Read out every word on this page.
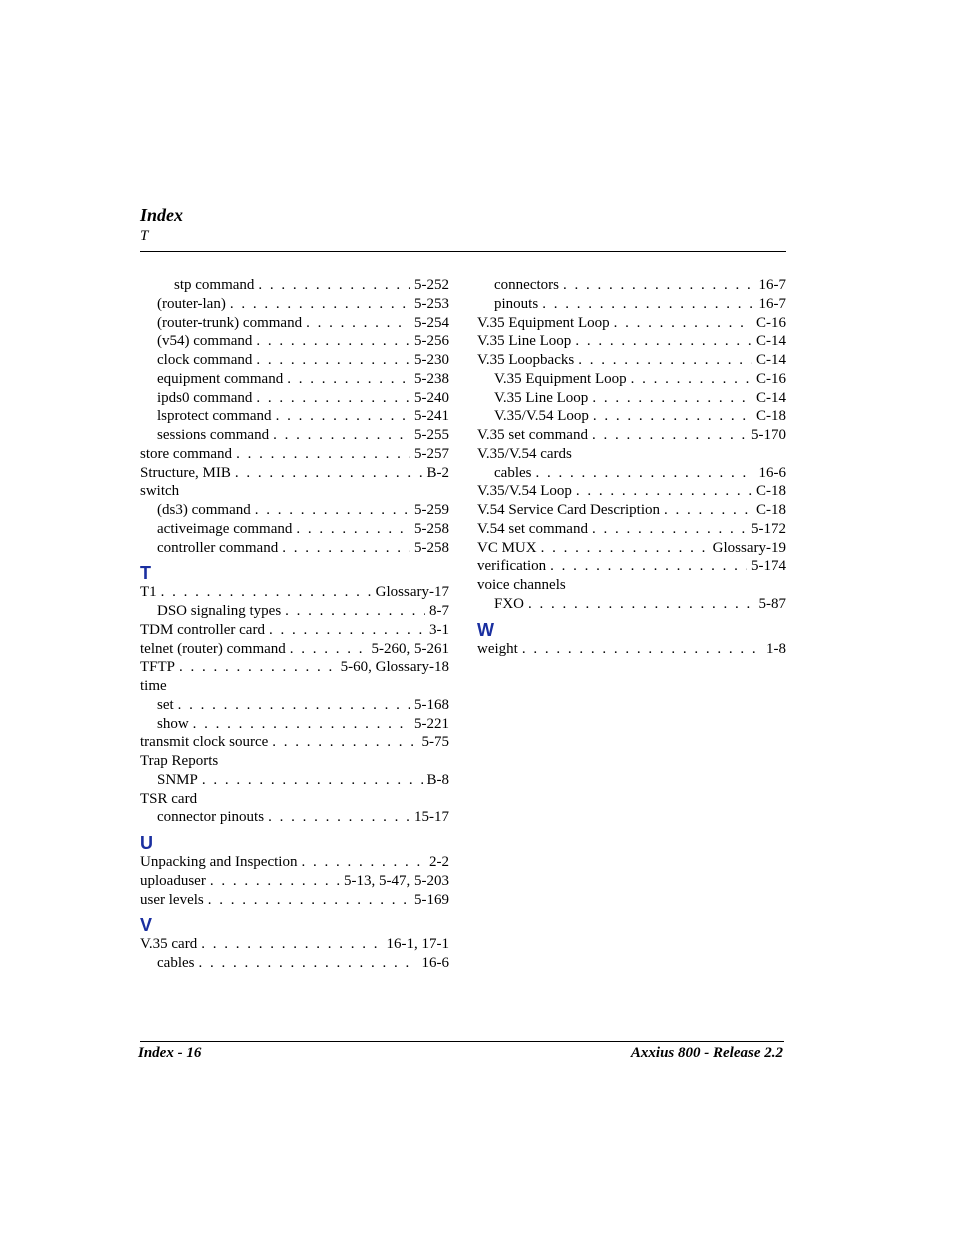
Index
T
stp command . . .	5-252
(router-lan) . . .	5-253
(router-trunk) command . . .	5-254
(v54) command . . .	5-256
clock command . . .	5-230
equipment command . . .	5-238
ipds0 command . . .	5-240
lsprotect command . . .	5-241
sessions command . . .	5-255
store command . . .	5-257
Structure, MIB . . .	B-2
switch
(ds3) command . . .	5-259
activeimage command . . .	5-258
controller command . . .	5-258
T
T1 . . .	Glossary-17
DSO signaling types . . .	8-7
TDM controller card . . .	3-1
telnet (router) command . . .	5-260, 5-261
TFTP . . .	5-60, Glossary-18
time
set . . .	5-168
show . . .	5-221
transmit clock source . . .	5-75
Trap Reports
SNMP . . .	B-8
TSR card
connector pinouts . . .	15-17
U
Unpacking and Inspection . . .	2-2
uploaduser . . .	5-13, 5-47, 5-203
user levels . . .	5-169
V
V.35 card . . .	16-1, 17-1
cables . . .	16-6
connectors . . .	16-7
pinouts . . .	16-7
V.35 Equipment Loop . . .	C-16
V.35 Line Loop . . .	C-14
V.35 Loopbacks . . .	C-14
V.35 Equipment Loop . . .	C-16
V.35 Line Loop . . .	C-14
V.35/V.54 Loop . . .	C-18
V.35 set command . . .	5-170
V.35/V.54 cards
cables . . .	16-6
V.35/V.54 Loop . . .	C-18
V.54 Service Card Description . . .	C-18
V.54 set command . . .	5-172
VC MUX . . .	Glossary-19
verification . . .	5-174
voice channels
FXO . . .	5-87
W
weight . . .	1-8
Index - 16	Axxius 800 - Release 2.2
